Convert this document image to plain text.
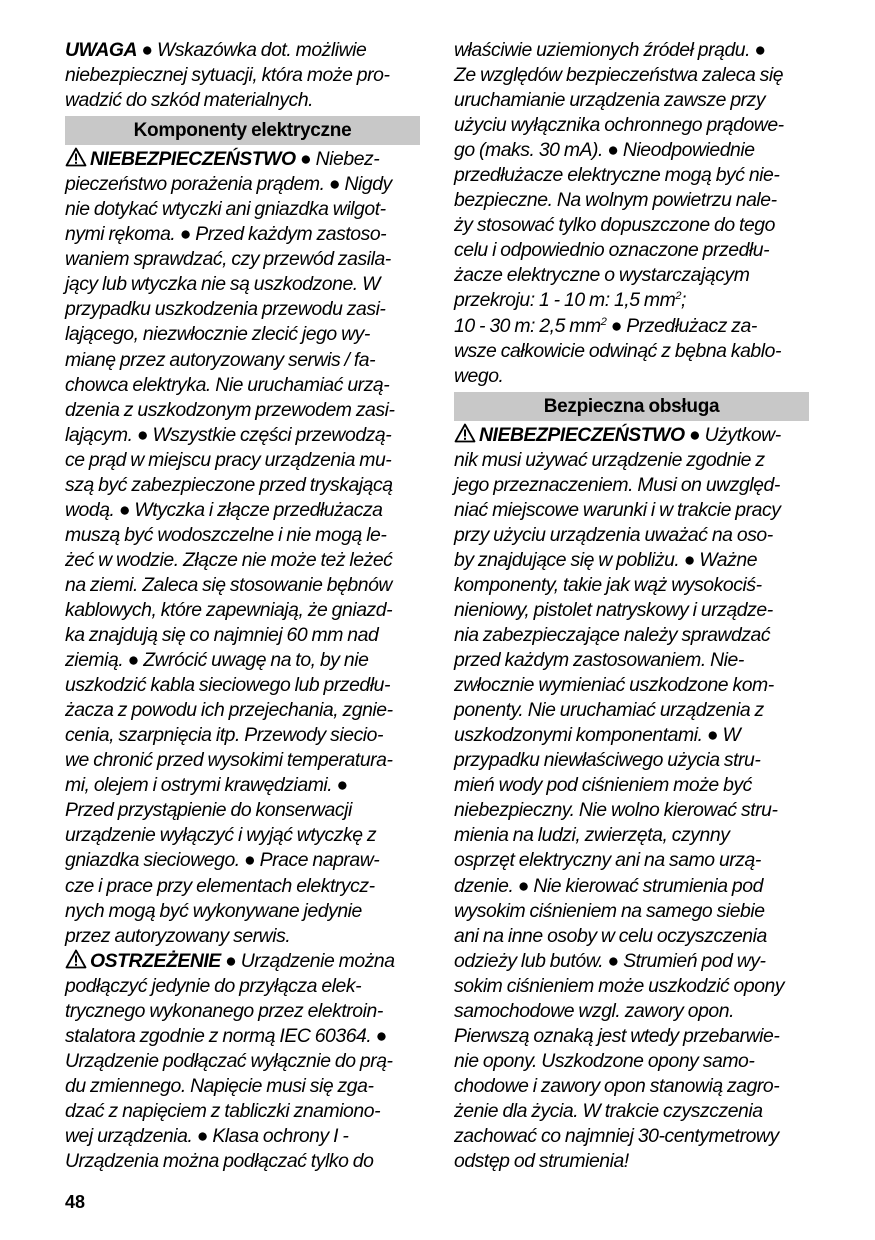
UWAGA ● Wskazówka dot. możliwie
niebezpiecznej sytuacji, która może pro-
wadzić do szkód materialnych.
Komponenty elektryczne
NIEBEZPIECZEŃSTWO ● Niebez-
pieczeństwo porażenia prądem. ● Nigdy
nie dotykać wtyczki ani gniazdka wilgot-
nymi rękoma. ● Przed każdym zastoso-
waniem sprawdzać, czy przewód zasila-
jący lub wtyczka nie są uszkodzone. W
przypadku uszkodzenia przewodu zasi-
lającego, niezwłocznie zlecić jego wy-
mianę przez autoryzowany serwis / fa-
chowca elektryka. Nie uruchamiać urzą-
dzenia z uszkodzonym przewodem zasi-
lającym. ● Wszystkie części przewodzą-
ce prąd w miejscu pracy urządzenia mu-
szą być zabezpieczone przed tryskającą
wodą. ● Wtyczka i złącze przedłużacza
muszą być wodoszczelne i nie mogą le-
żeć w wodzie. Złącze nie może też leżeć
na ziemi. Zaleca się stosowanie bębnów
kablowych, które zapewniają, że gniazd-
ka znajdują się co najmniej 60 mm nad
ziemią. ● Zwrócić uwagę na to, by nie
uszkodzić kabla sieciowego lub przedłu-
żacza z powodu ich przejechania, zgnie-
cenia, szarpnięcia itp. Przewody siecio-
we chronić przed wysokimi temperatura-
mi, olejem i ostrymi krawędziami. ●
Przed przystąpienie do konserwacji
urządzenie wyłączyć i wyjąć wtyczkę z
gniazdka sieciowego. ● Prace napraw-
cze i prace przy elementach elektrycz-
nych mogą być wykonywane jedynie
przez autoryzowany serwis.
OSTRZEŻENIE ● Urządzenie można
podłączyć jedynie do przyłącza elek-
trycznego wykonanego przez elektroin-
stalatora zgodnie z normą IEC 60364. ●
Urządzenie podłączać wyłącznie do prą-
du zmiennego. Napięcie musi się zga-
dzać z napięciem z tabliczki znamiono-
wej urządzenia. ● Klasa ochrony I -
Urządzenia można podłączać tylko do
właściwie uziemionych źródeł prądu. ●
Ze względów bezpieczeństwa zaleca się
uruchamianie urządzenia zawsze przy
użyciu wyłącznika ochronnego prądowe-
go (maks. 30 mA). ● Nieodpowiednie
przedłużacze elektryczne mogą być nie-
bezpieczne. Na wolnym powietrzu nale-
ży stosować tylko dopuszczone do tego
celu i odpowiednio oznaczone przedłu-
żacze elektryczne o wystarczającym
przekroju: 1 - 10 m: 1,5 $mm^2$;
10 - 30 m: 2,5 $mm^2$ ● Przedłużacz za-
wsze całkowicie odwinąć z bębna kablo-
wego.
Bezpieczna obsługa
NIEBEZPIECZEŃSTWO ● Użytkow-
nik musi używać urządzenie zgodnie z
jego przeznaczeniem. Musi on uwzględ-
niać miejscowe warunki i w trakcie pracy
przy użyciu urządzenia uważać na oso-
by znajdujące się w pobliżu. ● Ważne
komponenty, takie jak wąż wysokociś-
nieniowy, pistolet natryskowy i urządze-
nia zabezpieczające należy sprawdzać
przed każdym zastosowaniem. Nie-
zwłocznie wymieniać uszkodzone kom-
ponenty. Nie uruchamiać urządzenia z
uszkodzonymi komponentami. ● W
przypadku niewłaściwego użycia stru-
mień wody pod ciśnieniem może być
niebezpieczny. Nie wolno kierować stru-
mienia na ludzi, zwierzęta, czynny
osprzęt elektryczny ani na samo urzą-
dzenie. ● Nie kierować strumienia pod
wysokim ciśnieniem na samego siebie
ani na inne osoby w celu oczyszczenia
odzieży lub butów. ● Strumień pod wy-
sokim ciśnieniem może uszkodzić opony
samochodowe wzgl. zawory opon.
Pierwszą oznaką jest wtedy przebarwie-
nie opony. Uszkodzone opony samo-
chodowe i zawory opon stanowią zagro-
żenie dla życia. W trakcie czyszczenia
zachować co najmniej 30-centymetrowy
odstęp od strumienia!
48
